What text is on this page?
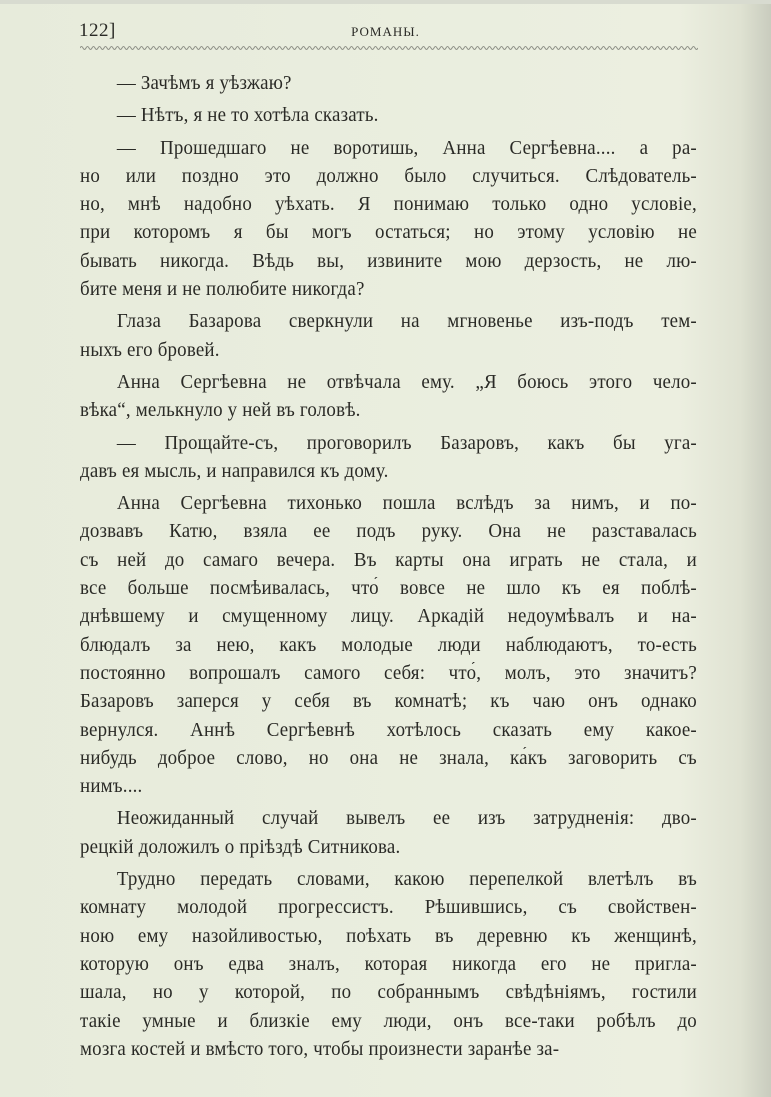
122]	РОМАНЫ.
— Зачѣмъ я уѣзжаю?
— Нѣтъ, я не то хотѣла сказать.
— Прошедшаго не воротишь, Анна Сергѣевна.... а ра-
но или поздно это должно было случиться. Слѣдователь-
но, мнѣ надобно уѣхать. Я понимаю только одно условіе,
при которомъ я бы могъ остаться; но этому условію не
бывать никогда. Вѣдь вы, извините мою дерзость, не лю-
бите меня и не полюбите никогда?
Глаза Базарова сверкнули на мгновенье изъ-подъ тем-
ныхъ его бровей.
Анна Сергѣевна не отвѣчала ему. „Я боюсь этого чело-
вѣка“, мелькнуло у ней въ головѣ.
— Прощайте-съ, проговорилъ Базаровъ, какъ бы уга-
давъ ея мысль, и направился къ дому.
Анна Сергѣевна тихонько пошла вслѣдъ за нимъ, и по-
дозвавъ Катю, взяла ее подъ руку. Она не разставалась
съ ней до самаго вечера. Въ карты она играть не стала, и
все больше посмѣивалась, что́ вовсе не шло къ ея поблѣ-
днѣвшему и смущенному лицу. Аркадій недоумѣвалъ и на-
блюдалъ за нею, какъ молодые люди наблюдаютъ, то-есть
постоянно вопрошалъ самого себя: что́, молъ, это значитъ?
Базаровъ заперся у себя въ комнатѣ; къ чаю онъ однако
вернулся. Аннѣ Сергѣевнѣ хотѣлось сказать ему какое-
нибудь доброе слово, но она не знала, ка́къ заговорить съ
нимъ....
Неожиданный случай вывелъ ее изъ затрудненія: дво-
рецкій доложилъ о пріѣздѣ Ситникова.
Трудно передать словами, какою перепелкой влетѣлъ въ
комнату молодой прогрессистъ. Рѣшившись, съ свойствен-
ною ему назойливостью, поѣхать въ деревню къ женщинѣ,
которую онъ едва зналъ, которая никогда его не пригла-
шала, но у которой, по собраннымъ свѣдѣніямъ, гостили
такіе умные и близкіе ему люди, онъ все-таки робѣлъ до
мозга костей и вмѣсто того, чтобы произнести заранѣе за-
